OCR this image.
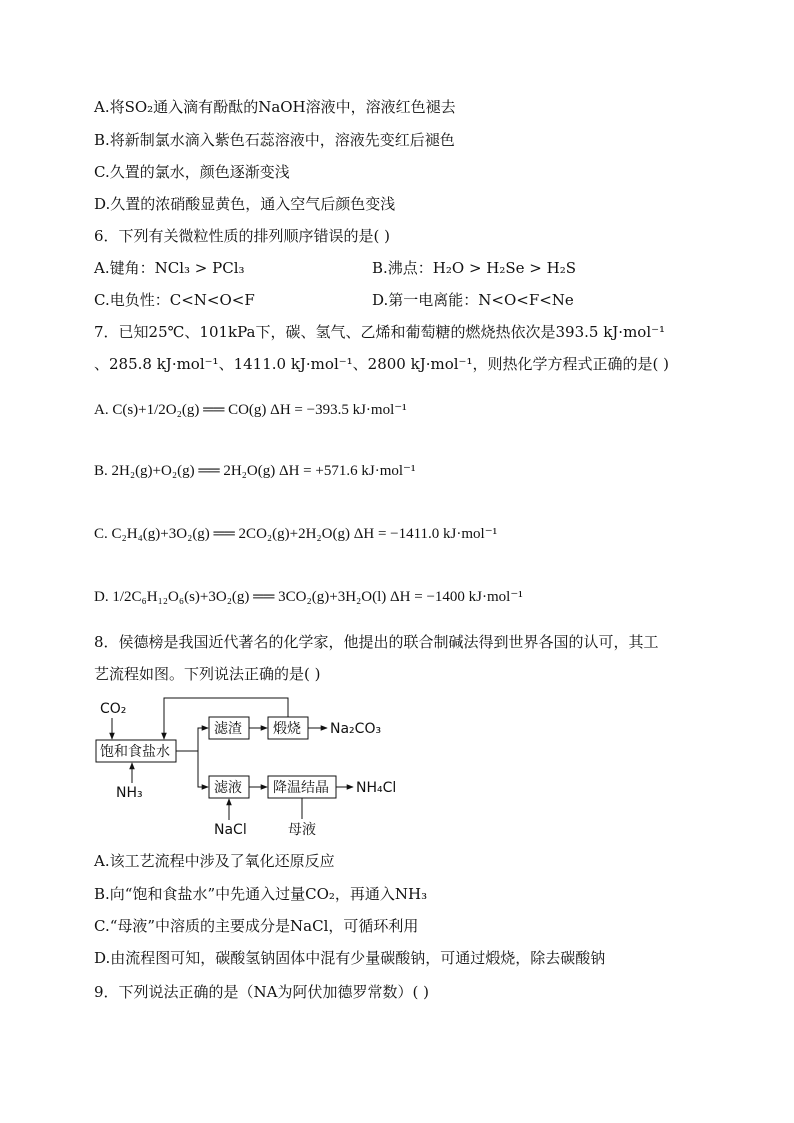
A.将SO₂通入滴有酚酞的NaOH溶液中，溶液红色褪去
B.将新制氯水滴入紫色石蕊溶液中，溶液先变红后褪色
C.久置的氯水，颜色逐渐变浅
D.久置的浓硝酸显黄色，通入空气后颜色变浅
6．下列有关微粒性质的排列顺序错误的是( )
A.键角：NCl₃ > PCl₃	B.沸点：H₂O > H₂Se > H₂S
C.电负性：C<N<O<F	D.第一电离能：N<O<F<Ne
7．已知25℃、101kPa下，碳、氢气、乙烯和葡萄糖的燃烧热依次是393.5 kJ·mol⁻¹
、285.8 kJ·mol⁻¹、1411.0 kJ·mol⁻¹、2800 kJ·mol⁻¹，则热化学方程式正确的是( )
A. C(s)+1/2O₂(g) ══ CO(g) ΔH = −393.5 kJ·mol⁻¹
B. 2H₂(g)+O₂(g) ══ 2H₂O(g) ΔH = +571.6 kJ·mol⁻¹
C. C₂H₄(g)+3O₂(g) ══ 2CO₂(g)+2H₂O(g) ΔH = −1411.0 kJ·mol⁻¹
D. 1/2C₆H₁₂O₆(s)+3O₂(g) ══ 3CO₂(g)+3H₂O(l) ΔH = −1400 kJ·mol⁻¹
8．侯德榜是我国近代著名的化学家，他提出的联合制碱法得到世界各国的认可，其工
艺流程如图。下列说法正确的是( )
CO₂
饱和食盐水
NH₃
滤渣 煅烧 Na₂CO₃
滤液 降温结晶 NH₄Cl
NaCl	母液
A.该工艺流程中涉及了氧化还原反应
B.向“饱和食盐水”中先通入过量CO₂，再通入NH₃
C.“母液”中溶质的主要成分是NaCl，可循环利用
D.由流程图可知，碳酸氢钠固体中混有少量碳酸钠，可通过煅烧，除去碳酸钠
9．下列说法正确的是（NA为阿伏加德罗常数）( )
